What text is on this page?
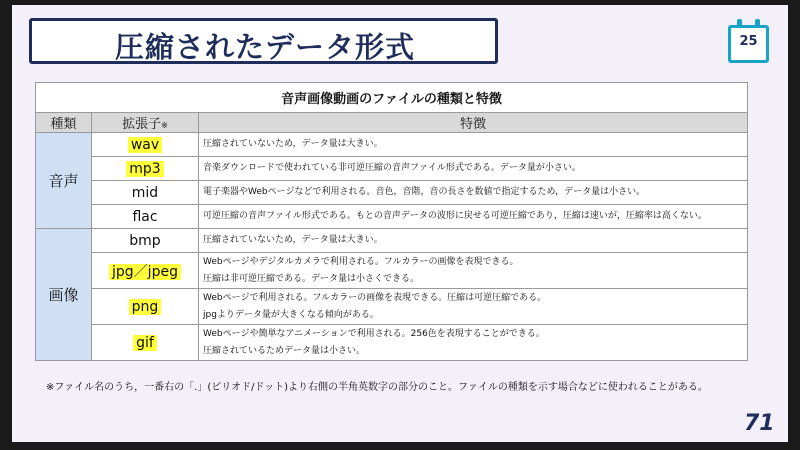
圧縮されたデータ形式	25
音声画像動画のファイルの種類と特徴		
種類	拡張子※	特徴
音声	wav	圧縮されていないため，データ量は大きい。

	mp3	音楽ダウンロードで使われている非可逆圧縮の音声ファイル形式である。データ量が小さい。

	mid	電子楽器やWebページなどで利用される。音色，音階，音の長さを数値で指定するため，データ量は小さい。

	flac	可逆圧縮の音声ファイル形式である。もとの音声データの波形に戻せる可逆圧縮であり，圧縮は速いが，圧縮率は高くない。

画像	bmp	圧縮されていないため，データ量は大きい。

	jpg／jpeg	Webページやデジタルカメラで利用される。フルカラーの画像を表現できる。
圧縮は非可逆圧縮である。データ量は小さくできる。

	png	Webページで利用される。フルカラーの画像を表現できる。圧縮は可逆圧縮である。
jpgよりデータ量が大きくなる傾向がある。

	gif	Webページや簡単なアニメーションで利用される。256色を表現することができる。
圧縮されているためデータ量は小さい。
※ファイル名のうち，一番右の「.」(ピリオド/ドット)より右側の半角英数字の部分のこと。ファイルの種類を示す場合などに使われることがある。
71
